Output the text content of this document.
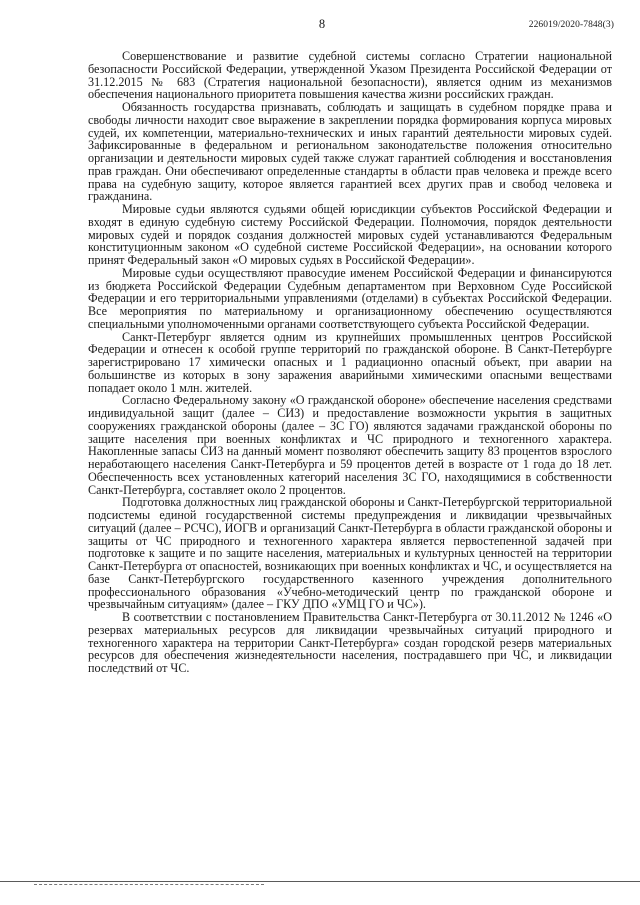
8	226019/2020-7848(3)

Совершенствование и развитие судебной системы согласно Стратегии национальной безопасности Российской Федерации, утвержденной Указом Президента Российской Федерации от 31.12.2015 № 683 (Стратегия национальной безопасности), является одним из механизмов обеспечения национального приоритета повышения качества жизни российских граждан.

Обязанность государства признавать, соблюдать и защищать в судебном порядке права и свободы личности находит свое выражение в закреплении порядка формирования корпуса мировых судей, их компетенции, материально-технических и иных гарантий деятельности мировых судей. Зафиксированные в федеральном и региональном законодательстве положения относительно организации и деятельности мировых судей также служат гарантией соблюдения и восстановления прав граждан. Они обеспечивают определенные стандарты в области прав человека и прежде всего права на судебную защиту, которое является гарантией всех других прав и свобод человека и гражданина.

Мировые судьи являются судьями общей юрисдикции субъектов Российской Федерации и входят в единую судебную систему Российской Федерации. Полномочия, порядок деятельности мировых судей и порядок создания должностей мировых судей устанавливаются Федеральным конституционным законом «О судебной системе Российской Федерации», на основании которого принят Федеральный закон «О мировых судьях в Российской Федерации».

Мировые судьи осуществляют правосудие именем Российской Федерации и финансируются из бюджета Российской Федерации Судебным департаментом при Верховном Суде Российской Федерации и его территориальными управлениями (отделами) в субъектах Российской Федерации. Все мероприятия по материальному и организационному обеспечению осуществляются специальными уполномоченными органами соответствующего субъекта Российской Федерации.

Санкт-Петербург является одним из крупнейших промышленных центров Российской Федерации и отнесен к особой группе территорий по гражданской обороне. В Санкт-Петербурге зарегистрировано 17 химически опасных и 1 радиационно опасный объект, при аварии на большинстве из которых в зону заражения аварийными химическими опасными веществами попадает около 1 млн. жителей.

Согласно Федеральному закону «О гражданской обороне» обеспечение населения средствами индивидуальной защит (далее – СИЗ) и предоставление возможности укрытия в защитных сооружениях гражданской обороны (далее – ЗС ГО) являются задачами гражданской обороны по защите населения при военных конфликтах и ЧС природного и техногенного характера. Накопленные запасы СИЗ на данный момент позволяют обеспечить защиту 83 процентов взрослого неработающего населения Санкт-Петербурга и 59 процентов детей в возрасте от 1 года до 18 лет. Обеспеченность всех установленных категорий населения ЗС ГО, находящимися в собственности Санкт-Петербурга, составляет около 2 процентов.

Подготовка должностных лиц гражданской обороны и Санкт-Петербургской территориальной подсистемы единой государственной системы предупреждения и ликвидации чрезвычайных ситуаций (далее – РСЧС), ИОГВ и организаций Санкт-Петербурга в области гражданской обороны и защиты от ЧС природного и техногенного характера является первостепенной задачей при подготовке к защите и по защите населения, материальных и культурных ценностей на территории Санкт-Петербурга от опасностей, возникающих при военных конфликтах и ЧС, и осуществляется на базе Санкт-Петербургского государственного казенного учреждения дополнительного профессионального образования «Учебно-методический центр по гражданской обороне и чрезвычайным ситуациям» (далее – ГКУ ДПО «УМЦ ГО и ЧС»).

В соответствии с постановлением Правительства Санкт-Петербурга от 30.11.2012 № 1246 «О резервах материальных ресурсов для ликвидации чрезвычайных ситуаций природного и техногенного характера на территории Санкт-Петербурга» создан городской резерв материальных ресурсов для обеспечения жизнедеятельности населения, пострадавшего при ЧС, и ликвидации последствий от ЧС.
